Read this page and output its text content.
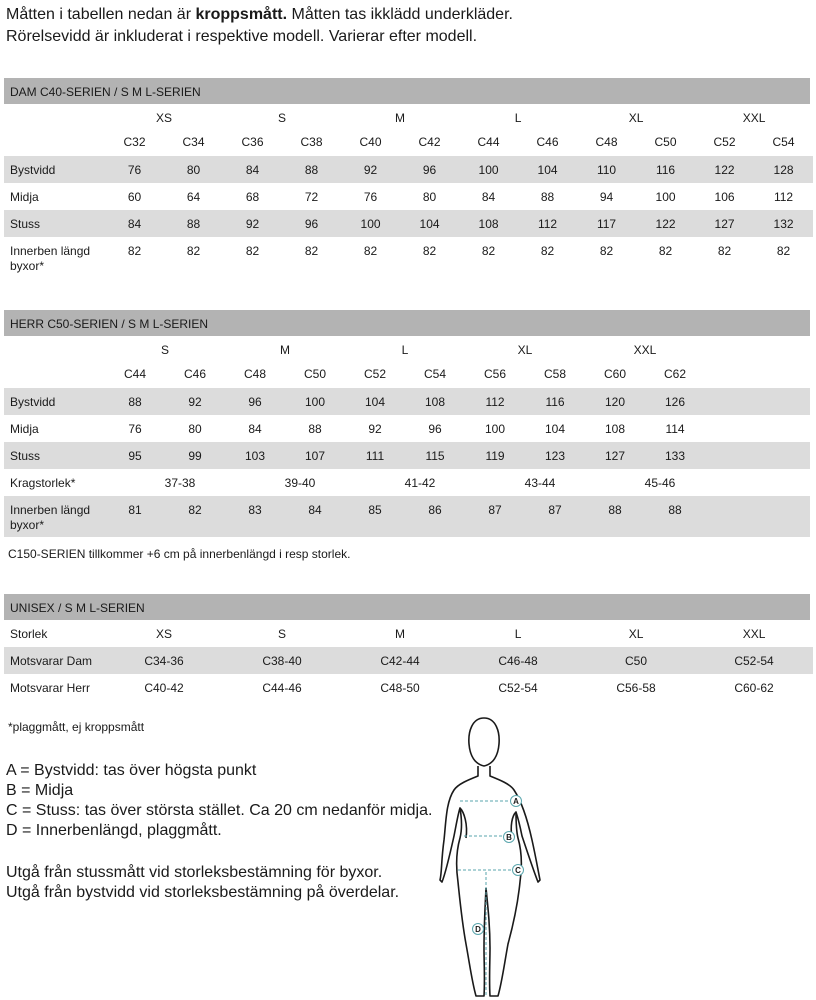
Måtten i tabellen nedan är kroppsmått. Måtten tas ikklädd underkläder.
Rörelsevidd är inkluderat i respektive modell. Varierar efter modell.
DAM C40-SERIEN / S M L-SERIEN
	XS		S		M		L		XL		XXL	
	C32	C34	C36	C38	C40	C42	C44	C46	C48	C50	C52	C54
Bystvidd	76	80	84	88	92	96	100	104	110	116	122	128
Midja	60	64	68	72	76	80	84	88	94	100	106	112
Stuss	84	88	92	96	100	104	108	112	117	122	127	132

Innerben längd
byxor*	82	82	82	82	82	82	82	82	82	82	82	82
HERR C50-SERIEN / S M L-SERIEN
	S		M		L		XL		XXL		
	C44	C46	C48	C50	C52	C54	C56	C58	C60	C62	
Bystvidd	88	92	96	100	104	108	112	116	120	126	
Midja	76	80	84	88	92	96	100	104	108	114	
Stuss	95	99	103	107	111	115	119	123	127	133	
Kragstorlek*	37-38		39-40		41-42		43-44		45-46		

Innerben längd
byxor*	81	82	83	84	85	86	87	87	88	88	
C150-SERIEN tillkommer +6 cm på innerbenlängd i resp storlek.
UNISEX / S M L-SERIEN
Storlek	XS	S	M	L	XL	XXL
Motsvarar Dam	C34-36	C38-40	C42-44	C46-48	C50	C52-54
Motsvarar Herr	C40-42	C44-46	C48-50	C52-54	C56-58	C60-62
*plaggmått, ej kroppsmått
A = Bystvidd: tas över högsta punkt
B = Midja
C = Stuss: tas över största stället. Ca 20 cm nedanför midja.
D = Innerbenlängd, plaggmått.
Utgå från stussmått vid storleksbestämning för byxor.
Utgå från bystvidd vid storleksbestämning på överdelar.
A
B
C
D
